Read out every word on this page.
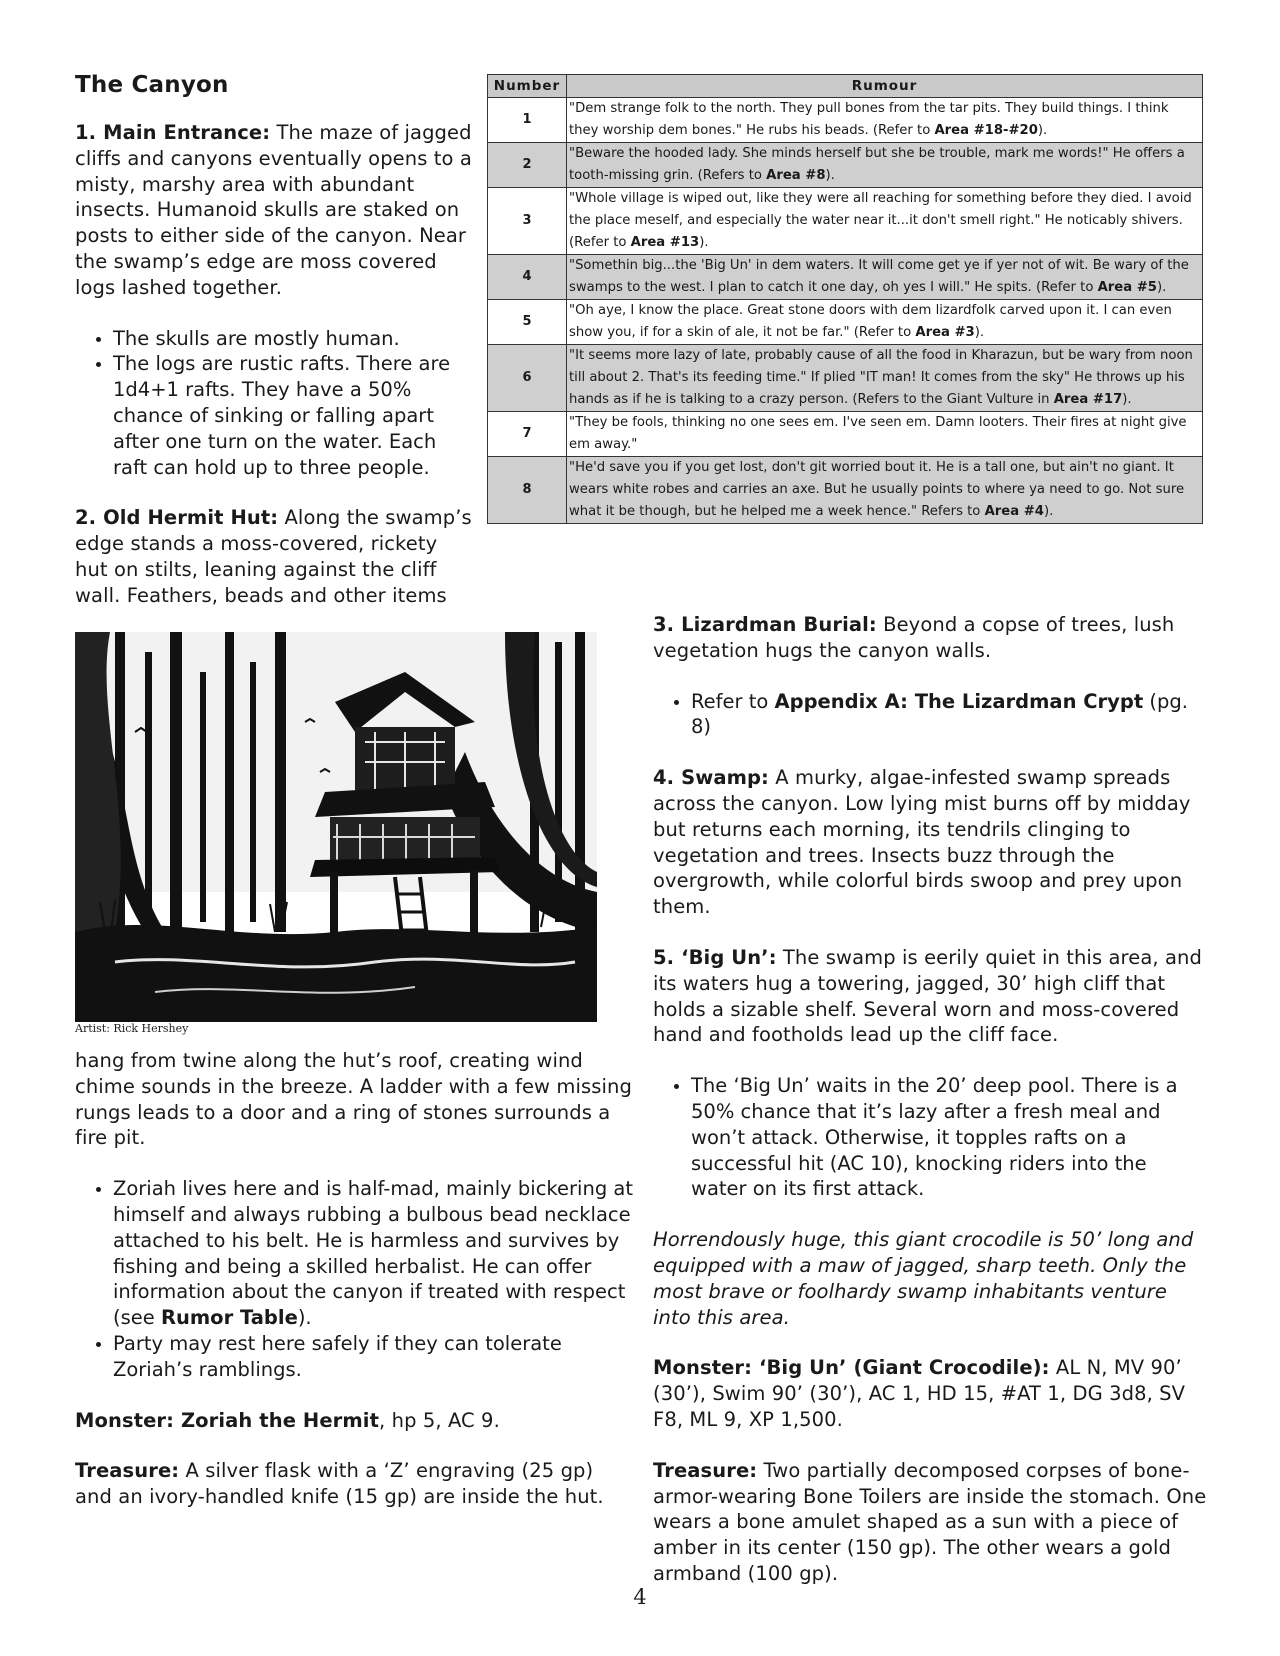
The Canyon

1. Main Entrance: The maze of jagged cliffs and canyons eventually opens to a misty, marshy area with abundant insects. Humanoid skulls are staked on posts to either side of the canyon. Near the swamp’s edge are moss covered logs lashed together.

• The skulls are mostly human.
• The logs are rustic rafts. There are 1d4+1 rafts. They have a 50% chance of sinking or falling apart after one turn on the water. Each raft can hold up to three people.

2. Old Hermit Hut: Along the swamp’s edge stands a moss-covered, rickety hut on stilts, leaning against the cliff wall. Feathers, beads and other items

Number	Rumour
1	"Dem strange folk to the north. They pull bones from the tar pits. They build things. I think they worship dem bones." He rubs his beads. (Refer to Area #18-#20).
2	"Beware the hooded lady. She minds herself but she be trouble, mark me words!" He offers a tooth-missing grin. (Refers to Area #8).
3	"Whole village is wiped out, like they were all reaching for something before they died. I avoid the place meself, and especially the water near it...it don't smell right." He noticably shivers. (Refer to Area #13).
4	"Somethin big...the 'Big Un' in dem waters. It will come get ye if yer not of wit. Be wary of the swamps to the west. I plan to catch it one day, oh yes I will." He spits. (Refer to Area #5).
5	"Oh aye, I know the place. Great stone doors with dem lizardfolk carved upon it. I can even show you, if for a skin of ale, it not be far." (Refer to Area #3).
6	"It seems more lazy of late, probably cause of all the food in Kharazun, but be wary from noon till about 2. That's its feeding time." If plied "IT man! It comes from the sky" He throws up his hands as if he is talking to a crazy person. (Refers to the Giant Vulture in Area #17).
7	"They be fools, thinking no one sees em. I've seen em. Damn looters. Their fires at night give em away."
8	"He'd save you if you get lost, don't git worried bout it. He is a tall one, but ain't no giant. It wears white robes and carries an axe. But he usually points to where ya need to go. Not sure what it be though, but he helped me a week hence." Refers to Area #4).
Artist: Rick Hershey

hang from twine along the hut’s roof, creating wind chime sounds in the breeze. A ladder with a few missing rungs leads to a door and a ring of stones surrounds a fire pit.

• Zoriah lives here and is half-mad, mainly bickering at himself and always rubbing a bulbous bead necklace attached to his belt. He is harmless and survives by fishing and being a skilled herbalist. He can offer information about the canyon if treated with respect (see Rumor Table).
• Party may rest here safely if they can tolerate Zoriah’s ramblings.

Monster: Zoriah the Hermit, hp 5, AC 9.

Treasure: A silver flask with a ‘Z’ engraving (25 gp) and an ivory-handled knife (15 gp) are inside the hut.

3. Lizardman Burial: Beyond a copse of trees, lush vegetation hugs the canyon walls.

• Refer to Appendix A: The Lizardman Crypt (pg. 8)

4. Swamp: A murky, algae-infested swamp spreads across the canyon. Low lying mist burns off by midday but returns each morning, its tendrils clinging to vegetation and trees. Insects buzz through the overgrowth, while colorful birds swoop and prey upon them.

5. ‘Big Un’: The swamp is eerily quiet in this area, and its waters hug a towering, jagged, 30’ high cliff that holds a sizable shelf. Several worn and moss-covered hand and footholds lead up the cliff face.

• The ‘Big Un’ waits in the 20’ deep pool. There is a 50% chance that it’s lazy after a fresh meal and won’t attack. Otherwise, it topples rafts on a successful hit (AC 10), knocking riders into the water on its first attack.

Horrendously huge, this giant crocodile is 50’ long and equipped with a maw of jagged, sharp teeth. Only the most brave or foolhardy swamp inhabitants venture into this area.

Monster: ‘Big Un’ (Giant Crocodile): AL N, MV 90’ (30’), Swim 90’ (30’), AC 1, HD 15, #AT 1, DG 3d8, SV F8, ML 9, XP 1,500.

Treasure: Two partially decomposed corpses of bone-armor-wearing Bone Toilers are inside the stomach. One wears a bone amulet shaped as a sun with a piece of amber in its center (150 gp). The other wears a gold armband (100 gp).

4
